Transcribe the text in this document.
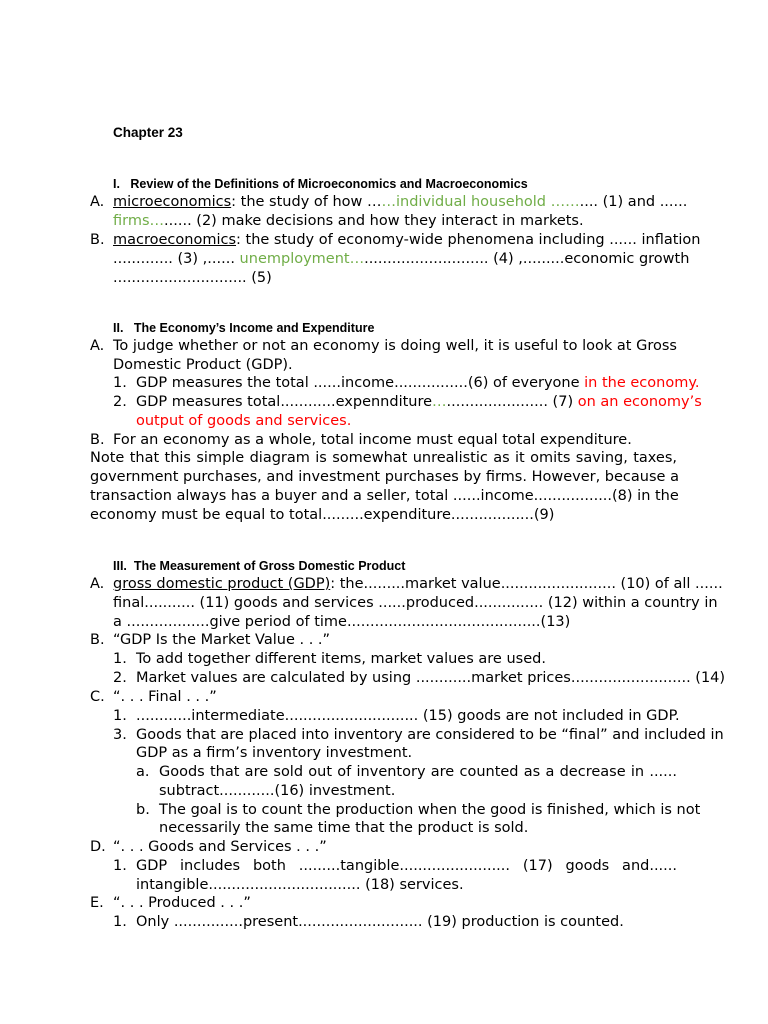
Chapter 23
I.   Review of the Definitions of Microeconomics and Macroeconomics
A. microeconomics: the study of how ……individual household …….... (1) and ......
firms…...... (2) make decisions and how they interact in markets.
B. macroeconomics: the study of economy-wide phenomena including ...... inflation
............. (3) ,...... unemployment…........................... (4) ,.........economic growth
............................. (5)
II.   The Economy’s Income and Expenditure
A. To judge whether or not an economy is doing well, it is useful to look at Gross
Domestic Product (GDP).
1. GDP measures the total ......income................(6) of everyone in the economy.
2. GDP measures total............expennditure…...................... (7) on an economy’s
output of goods and services.
B. For an economy as a whole, total income must equal total expenditure.
Note that this simple diagram is somewhat unrealistic as it omits saving, taxes,
government purchases, and investment purchases by firms. However, because a
transaction always has a buyer and a seller, total ......income.................(8) in the
economy must be equal to total.........expenditure..................(9)
III.  The Measurement of Gross Domestic Product
A. gross domestic product (GDP): the.........market value......................... (10) of all ......
final........... (11) goods and services ......produced............... (12) within a country in
a ..................give period of time..........................................(13)
B. “GDP Is the Market Value . . .”
1. To add together different items, market values are used.
2. Market values are calculated by using ............market prices.......................... (14)
C. “. . . Final . . .”
1. ............intermediate............................. (15) goods are not included in GDP.
3. Goods that are placed into inventory are considered to be “final” and included in
GDP as a firm’s inventory investment.
a. Goods that are sold out of inventory are counted as a decrease in ......
subtract............(16) investment.
b. The goal is to count the production when the good is finished, which is not
necessarily the same time that the product is sold.
D. “. . . Goods and Services . . .”
1. GDP includes both .........tangible........................ (17) goods and......
intangible................................. (18) services.
E. “. . . Produced . . .”
1. Only ...............present........................... (19) production is counted.
